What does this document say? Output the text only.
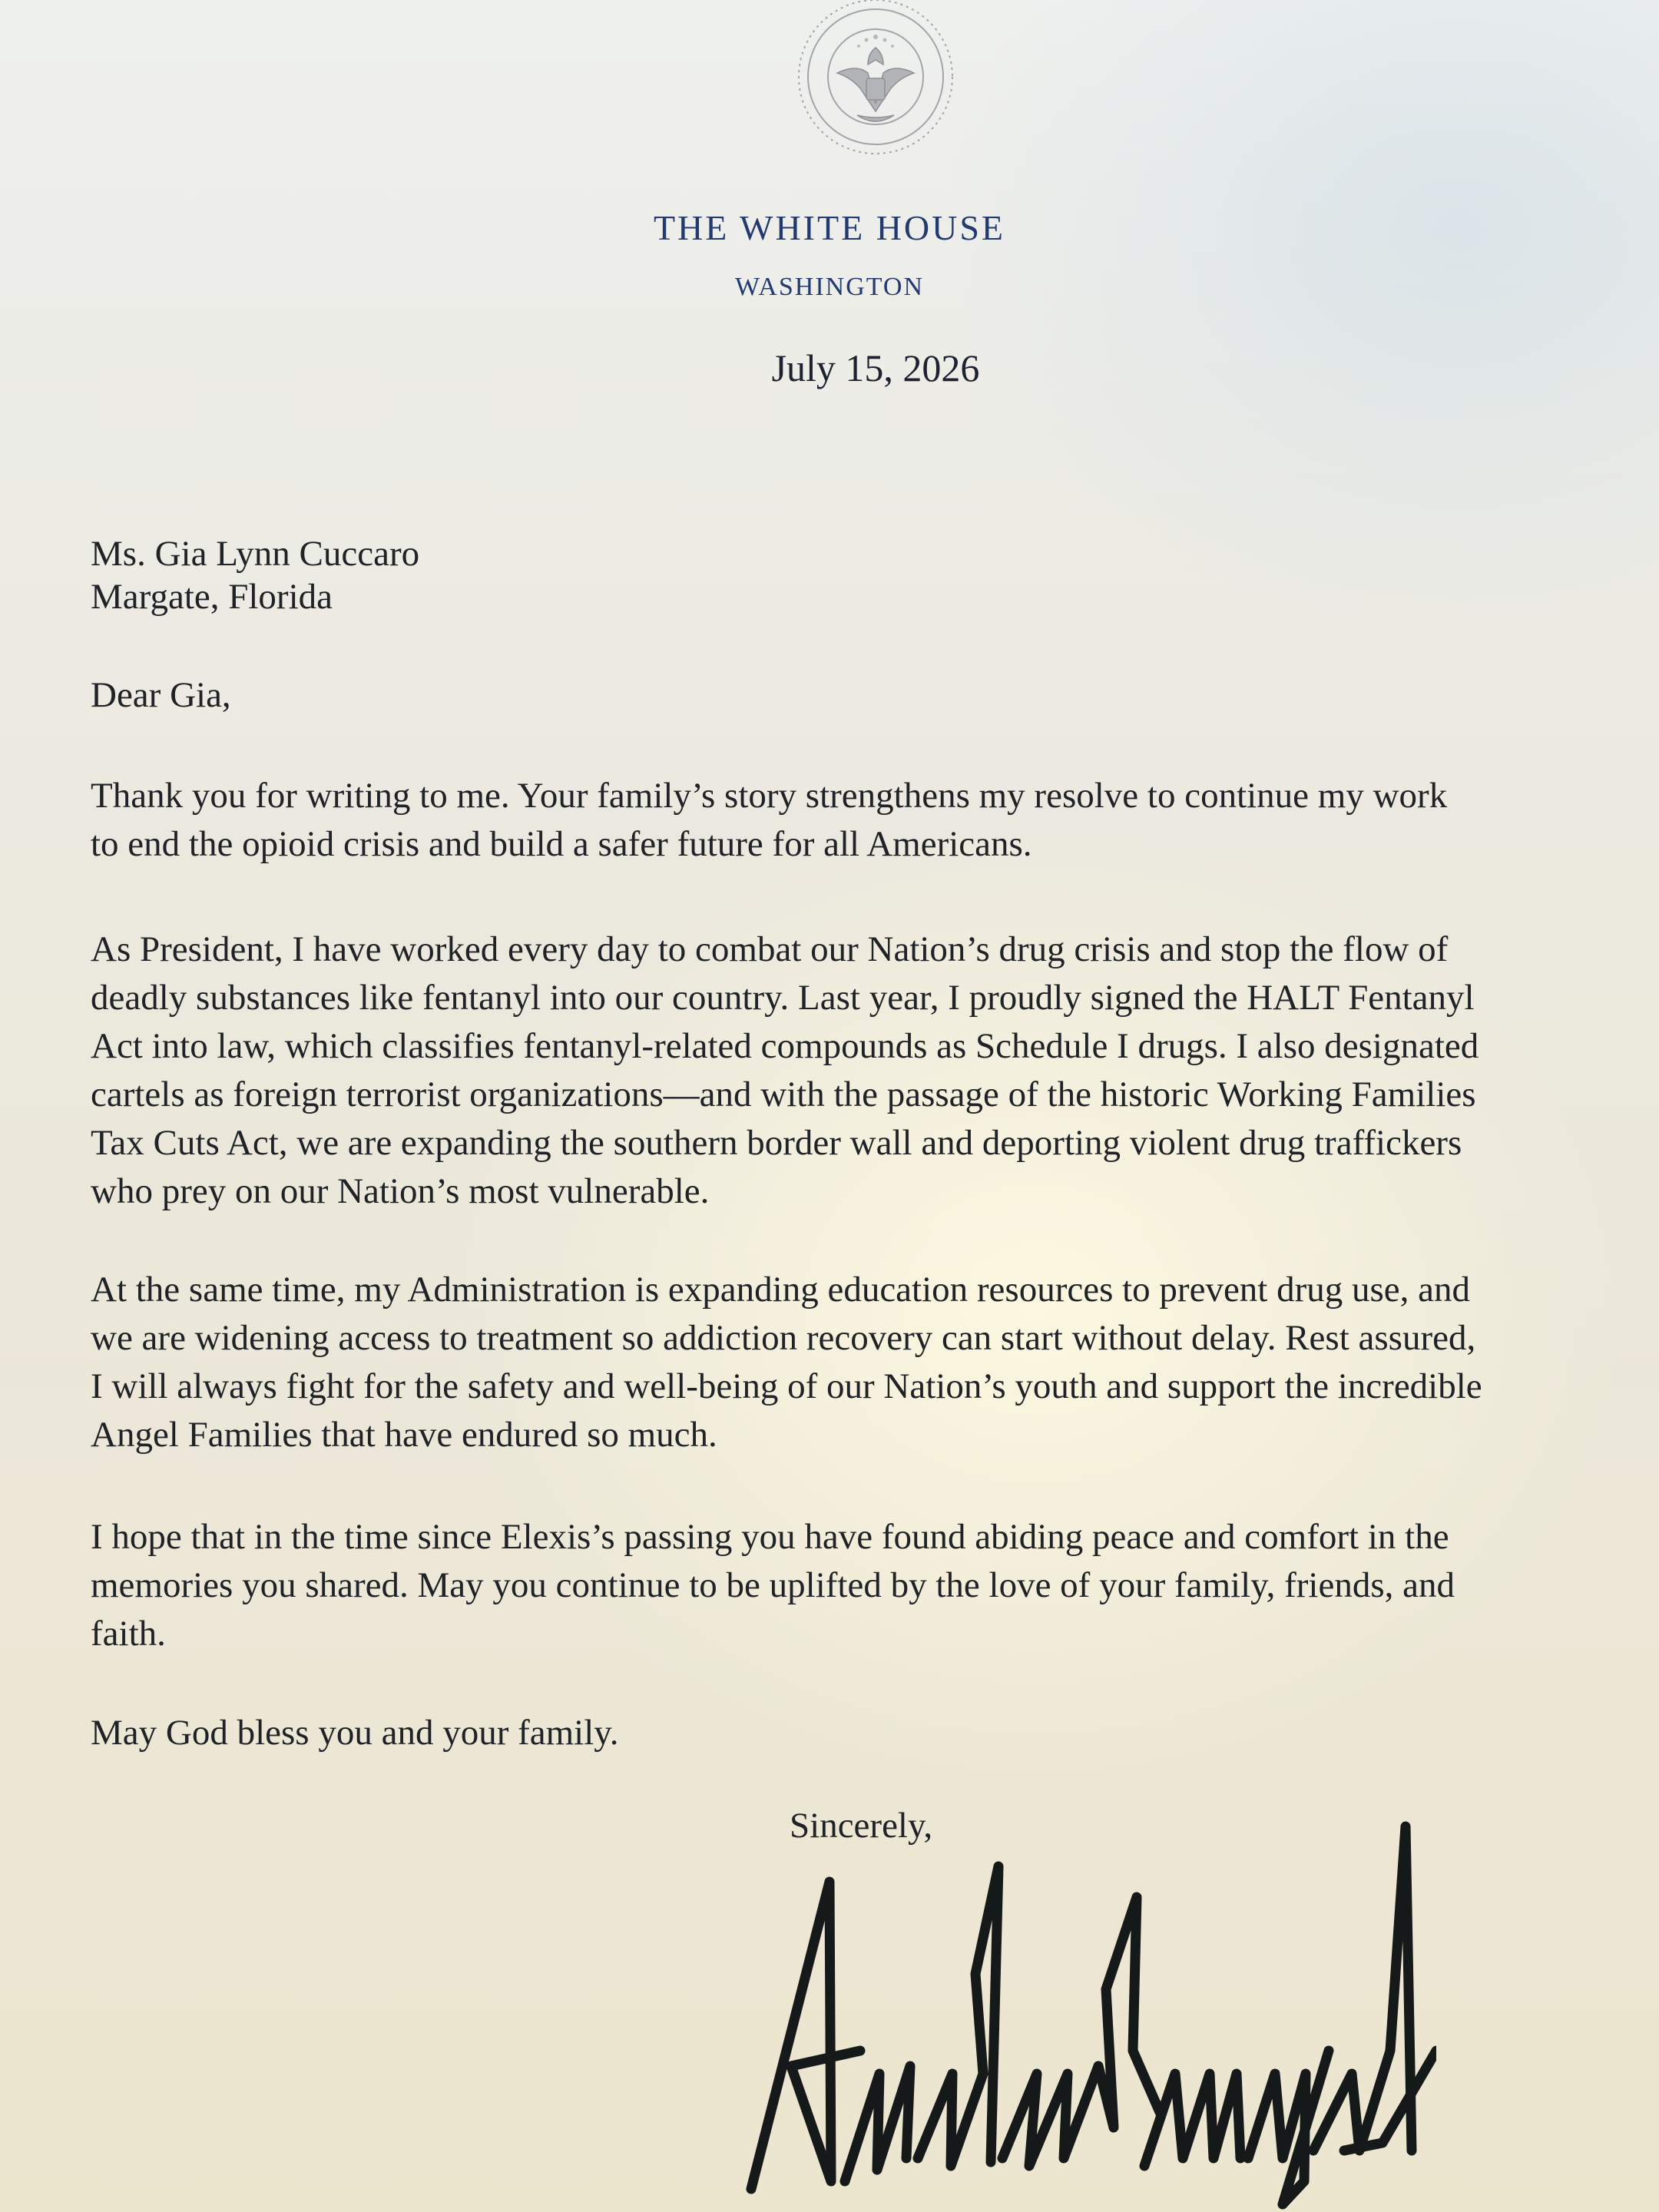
THE WHITE HOUSE
WASHINGTON
July 15, 2026
Ms. Gia Lynn Cuccaro
Margate, Florida
Dear Gia,
Thank you for writing to me. Your family’s story strengthens my resolve to continue my work
to end the opioid crisis and build a safer future for all Americans.
As President, I have worked every day to combat our Nation’s drug crisis and stop the flow of
deadly substances like fentanyl into our country. Last year, I proudly signed the HALT Fentanyl
Act into law, which classifies fentanyl-related compounds as Schedule I drugs. I also designated
cartels as foreign terrorist organizations—and with the passage of the historic Working Families
Tax Cuts Act, we are expanding the southern border wall and deporting violent drug traffickers
who prey on our Nation’s most vulnerable.
At the same time, my Administration is expanding education resources to prevent drug use, and
we are widening access to treatment so addiction recovery can start without delay. Rest assured,
I will always fight for the safety and well-being of our Nation’s youth and support the incredible
Angel Families that have endured so much.
I hope that in the time since Elexis’s passing you have found abiding peace and comfort in the
memories you shared. May you continue to be uplifted by the love of your family, friends, and
faith.
May God bless you and your family.
Sincerely,
